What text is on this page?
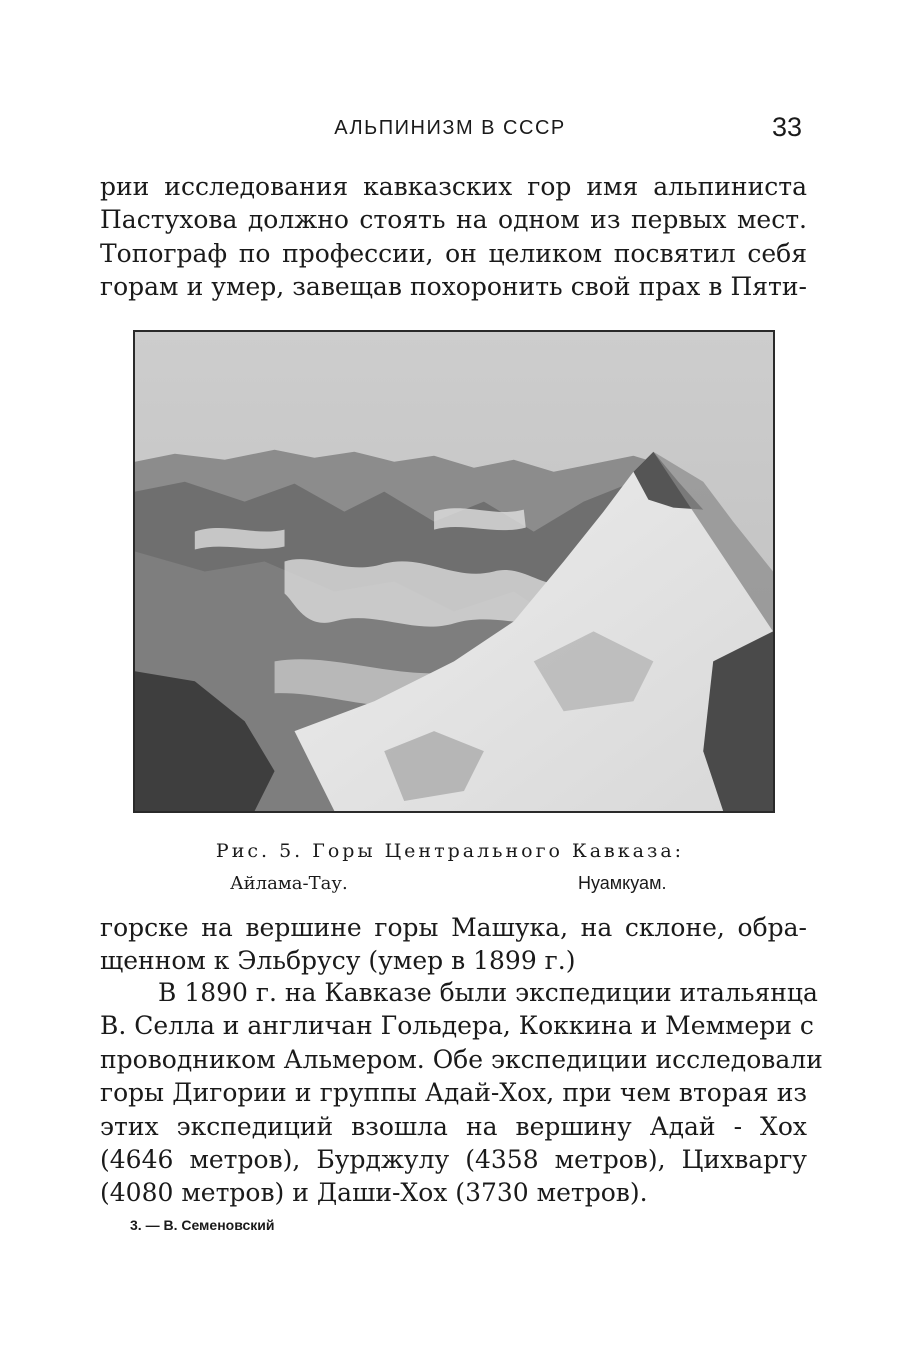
АЛЬПИНИЗМ В СССР	33

рии исследования кавказских гор имя альпиниста
Пастухова должно стоять на одном из первых мест.
Топограф по профессии, он целиком посвятил себя
горам и умер, завещав похоронить свой прах в Пяти-

Рис. 5. Горы Центрального Кавказа:
Айлама-Тау.	Нуамкуам.

горске на вершине горы Машука, на склоне, обра-
щенном к Эльбрусу (умер в 1899 г.)

В 1890 г. на Кавказе были экспедиции итальянца
В. Селла и англичан Гольдера, Коккина и Меммери с
проводником Альмером. Обе экспедиции исследовали
горы Дигории и группы Адай-Хох, при чем вторая из
этих экспедиций взошла на вершину Адай - Хох
(4646 метров), Бурджулу (4358 метров), Цихваргу
(4080 метров) и Даши-Хох (3730 метров).

3. — В. Семеновский
